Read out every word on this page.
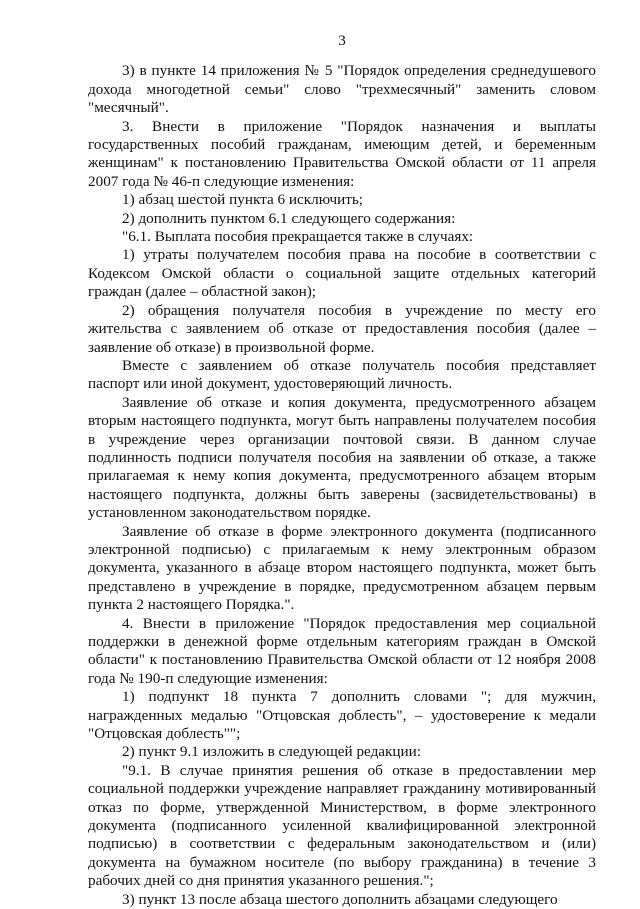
3

3) в пункте 14 приложения № 5 "Порядок определения среднедушевого дохода многодетной семьи" слово "трехмесячный" заменить словом "месячный".

3. Внести в приложение "Порядок назначения и выплаты государственных пособий гражданам, имеющим детей, и беременным женщинам" к постановлению Правительства Омской области от 11 апреля 2007 года № 46-п следующие изменения:

1) абзац шестой пункта 6 исключить;

2) дополнить пунктом 6.1 следующего содержания:

"6.1. Выплата пособия прекращается также в случаях:

1) утраты получателем пособия права на пособие в соответствии с Кодексом Омской области о социальной защите отдельных категорий граждан (далее – областной закон);

2) обращения получателя пособия в учреждение по месту его жительства с заявлением об отказе от предоставления пособия (далее – заявление об отказе) в произвольной форме.

Вместе с заявлением об отказе получатель пособия представляет паспорт или иной документ, удостоверяющий личность.

Заявление об отказе и копия документа, предусмотренного абзацем вторым настоящего подпункта, могут быть направлены получателем пособия в учреждение через организации почтовой связи. В данном случае подлинность подписи получателя пособия на заявлении об отказе, а также прилагаемая к нему копия документа, предусмотренного абзацем вторым настоящего подпункта, должны быть заверены (засвидетельствованы) в установленном законодательством порядке.

Заявление об отказе в форме электронного документа (подписанного электронной подписью) с прилагаемым к нему электронным образом документа, указанного в абзаце втором настоящего подпункта, может быть представлено в учреждение в порядке, предусмотренном абзацем первым пункта 2 настоящего Порядка.".

4. Внести в приложение "Порядок предоставления мер социальной поддержки в денежной форме отдельным категориям граждан в Омской области" к постановлению Правительства Омской области от 12 ноября 2008 года № 190-п следующие изменения:

1) подпункт 18 пункта 7 дополнить словами "; для мужчин, награжденных медалью "Отцовская доблесть", – удостоверение к медали "Отцовская доблесть"";

2) пункт 9.1 изложить в следующей редакции:

"9.1. В случае принятия решения об отказе в предоставлении мер социальной поддержки учреждение направляет гражданину мотивированный отказ по форме, утвержденной Министерством, в форме электронного документа (подписанного усиленной квалифицированной электронной подписью) в соответствии с федеральным законодательством и (или) документа на бумажном носителе (по выбору гражданина) в течение 3 рабочих дней со дня принятия указанного решения.";

3) пункт 13 после абзаца шестого дополнить абзацами следующего
